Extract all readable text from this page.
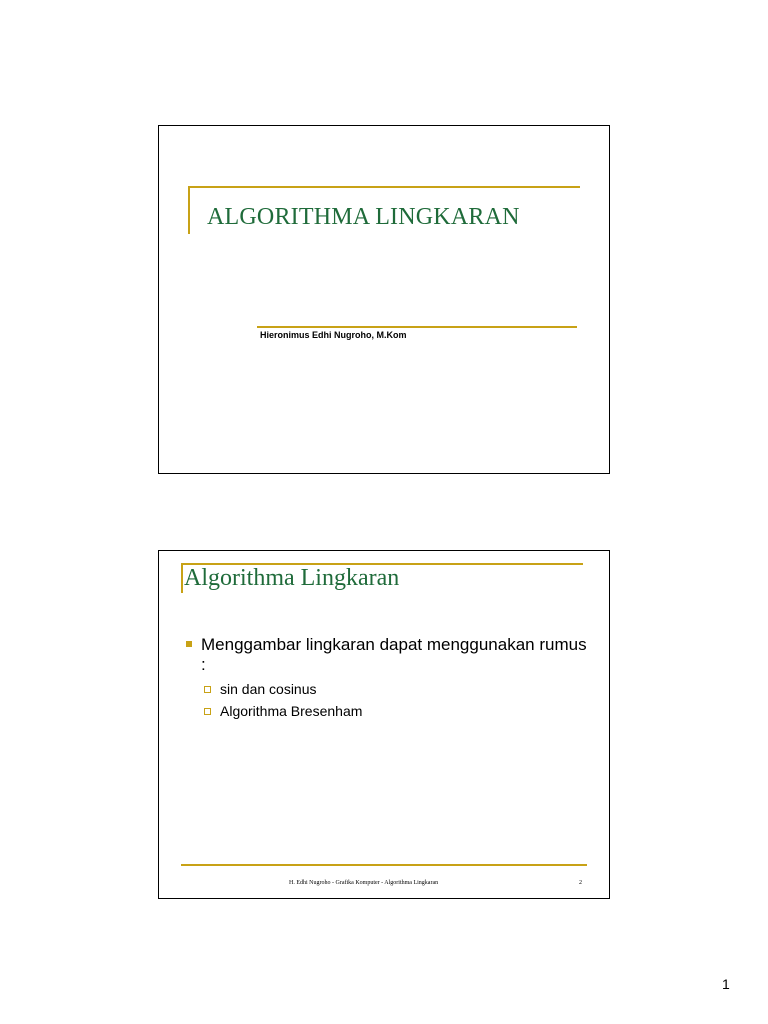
ALGORITHMA LINGKARAN
Hieronimus Edhi Nugroho, M.Kom
Algorithma Lingkaran
Menggambar lingkaran dapat menggunakan rumus :
sin dan cosinus
Algorithma Bresenham
H. Edhi Nugroho - Grafika Komputer - Algorithma Lingkaran	2
1
